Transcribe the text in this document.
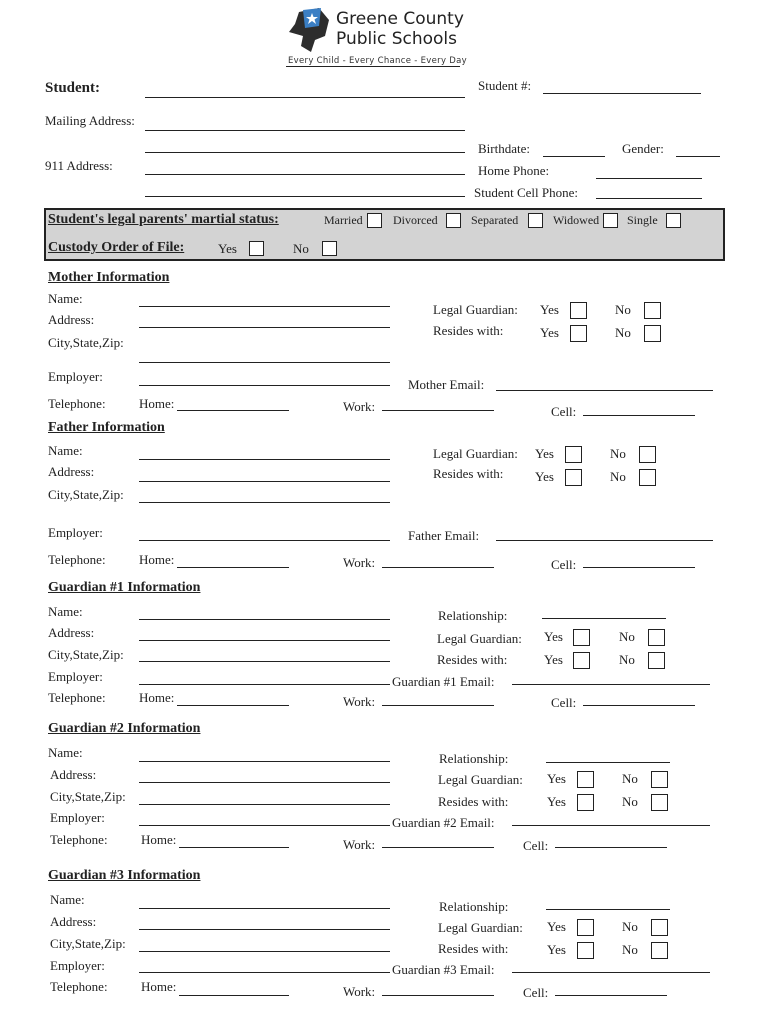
Greene County
Public Schools
Every Child - Every Chance - Every Day
Student:	Student #:
Mailing Address:
Birthdate:	Gender:
911 Address:	Home Phone:
Student Cell Phone:
Student's legal parents' martial status:	Married	Divorced	Separated	Widowed Single
Custody Order of File:	Yes	No
Mother Information
Name:
Address:
City,State,Zip:
Legal Guardian: Yes	No
Resides with:	Yes	No
Employer:
Mother Email:
Telephone:	Home:	Work:	Cell:
Father Information
Name:
Address:
City,State,Zip:
Legal Guardian: Yes	No
Resides with: Yes	No
Employer:	Father Email:
Telephone:	Home:	Work:	Cell:
Guardian #1 Information
Name:
Address:
City,State,Zip:
Employer:	Guardian #1 Email:
Telephone:	Home:	Work:	Cell:
Relationship:
Legal Guardian: Yes	No
Resides with:	Yes	No
Guardian #2 Information
Name:
Address:
City,State,Zip:
Employer:	Guardian #2 Email:
Telephone:	Home:	Work:	Cell:
Relationship:
Legal Guardian: Yes	No
Resides with:	Yes	No
Guardian #3 Information
Name:
Address:
City,State,Zip:
Employer:	Guardian #3 Email:
Telephone:	Home:	Work:	Cell:
Relationship:
Legal Guardian: Yes	No
Resides with:	Yes	No
